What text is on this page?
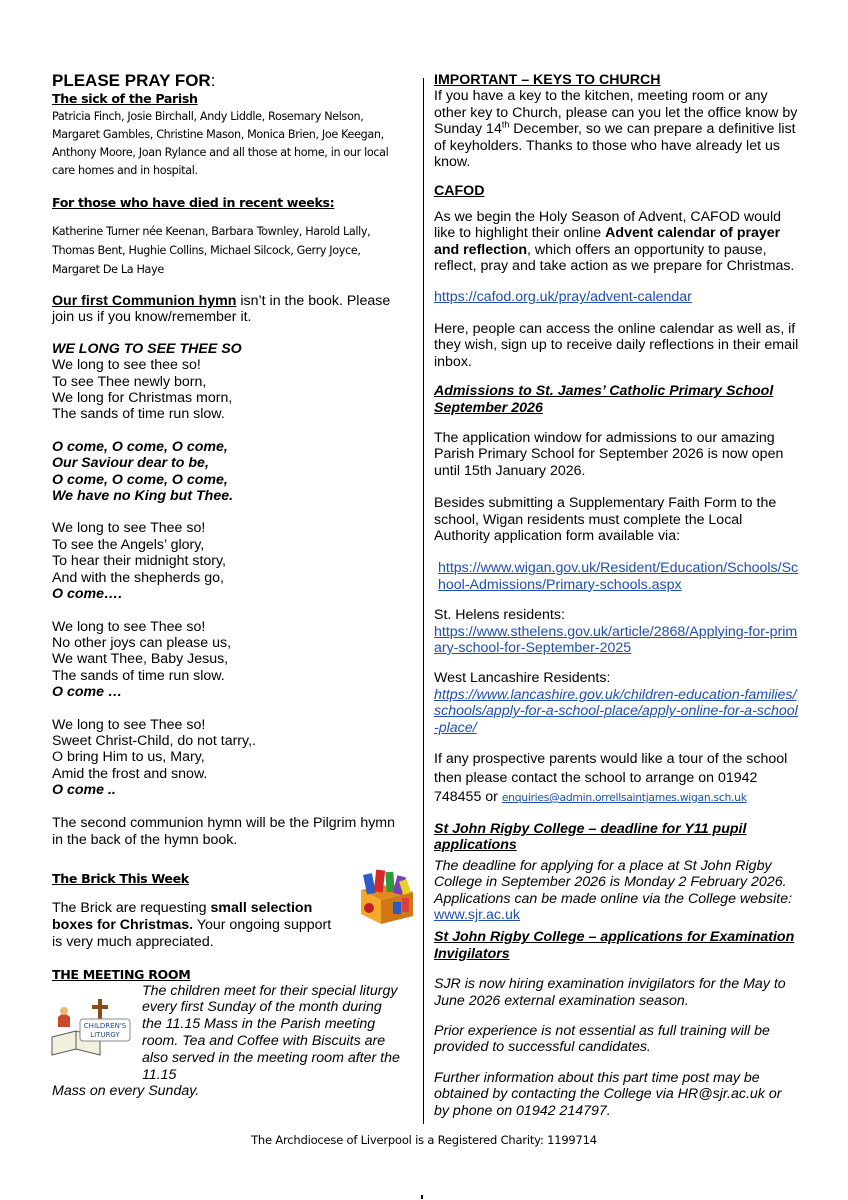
PLEASE PRAY FOR:

The sick of the Parish

Patricia Finch, Josie Birchall, Andy Liddle, Rosemary Nelson, Margaret Gambles, Christine Mason, Monica Brien, Joe Keegan, Anthony Moore, Joan Rylance and all those at home, in our local care homes and in hospital.

For those who have died in recent weeks:

Katherine Turner née Keenan, Barbara Townley, Harold Lally, Thomas Bent, Hughie Collins, Michael Silcock, Gerry Joyce, Margaret De La Haye

Our first Communion hymn isn’t in the book. Please join us if you know/remember it.

WE LONG TO SEE THEE SO

We long to see thee so!
To see Thee newly born,
We long for Christmas morn,
The sands of time run slow.
O come, O come, O come,
Our Saviour dear to be,
O come, O come, O come,
We have no King but Thee.
We long to see Thee so!
To see the Angels’ glory,
To hear their midnight story,
And with the shepherds go,
O come….
We long to see Thee so!
No other joys can please us,
We want Thee, Baby Jesus,
The sands of time run slow.
O come …
We long to see Thee so!
Sweet Christ-Child, do not tarry,.
O bring Him to us, Mary,
Amid the frost and snow.
O come ..

The second communion hymn will be the Pilgrim hymn in the back of the hymn book.

The Brick This Week

The Brick are requesting small selection
boxes for Christmas. Your ongoing support
is very much appreciated.

THE MEETING ROOM

CHILDREN'S
LITURGY

The children meet for their special liturgy every first Sunday of the month during the 11.15 Mass in the Parish meeting room. Tea and Coffee with Biscuits are also served in the meeting room after the 11.15

Mass on every Sunday.

IMPORTANT – KEYS TO CHURCH

If you have a key to the kitchen, meeting room or any other key to Church, please can you let the office know by Sunday 14th December, so we can prepare a definitive list of keyholders. Thanks to those who have already let us know.

CAFOD

As we begin the Holy Season of Advent, CAFOD would like to highlight their online Advent calendar of prayer and reflection, which offers an opportunity to pause, reflect, pray and take action as we prepare for Christmas.

https://cafod.org.uk/pray/advent-calendar

Here, people can access the online calendar as well as, if they wish, sign up to receive daily reflections in their email inbox.

Admissions to St. James’ Catholic Primary School September 2026

The application window for admissions to our amazing Parish Primary School for September 2026 is now open until 15th January 2026.

Besides submitting a Supplementary Faith Form to the school, Wigan residents must complete the Local Authority application form available via:

https://www.wigan.gov.uk/Resident/Education/Schools/School-Admissions/Primary-schools.aspx

St. Helens residents:

https://www.sthelens.gov.uk/article/2868/Applying-for-primary-school-for-September-2025

West Lancashire Residents:

https://www.lancashire.gov.uk/children-education-families/schools/apply-for-a-school-place/apply-online-for-a-school-place/

If any prospective parents would like a tour of the school then please contact the school to arrange on 01942 748455 or enquiries@admin.orrellsaintjames.wigan.sch.uk

St John Rigby College – deadline for Y11 pupil applications

The deadline for applying for a place at St John Rigby College in September 2026 is Monday 2 February 2026. Applications can be made online via the College website: www.sjr.ac.uk

St John Rigby College – applications for Examination Invigilators

SJR is now hiring examination invigilators for the May to June 2026 external examination season.

Prior experience is not essential as full training will be provided to successful candidates.

Further information about this part time post may be obtained by contacting the College via HR@sjr.ac.uk or by phone on 01942 214797.

The Archdiocese of Liverpool is a Registered Charity: 1199714
